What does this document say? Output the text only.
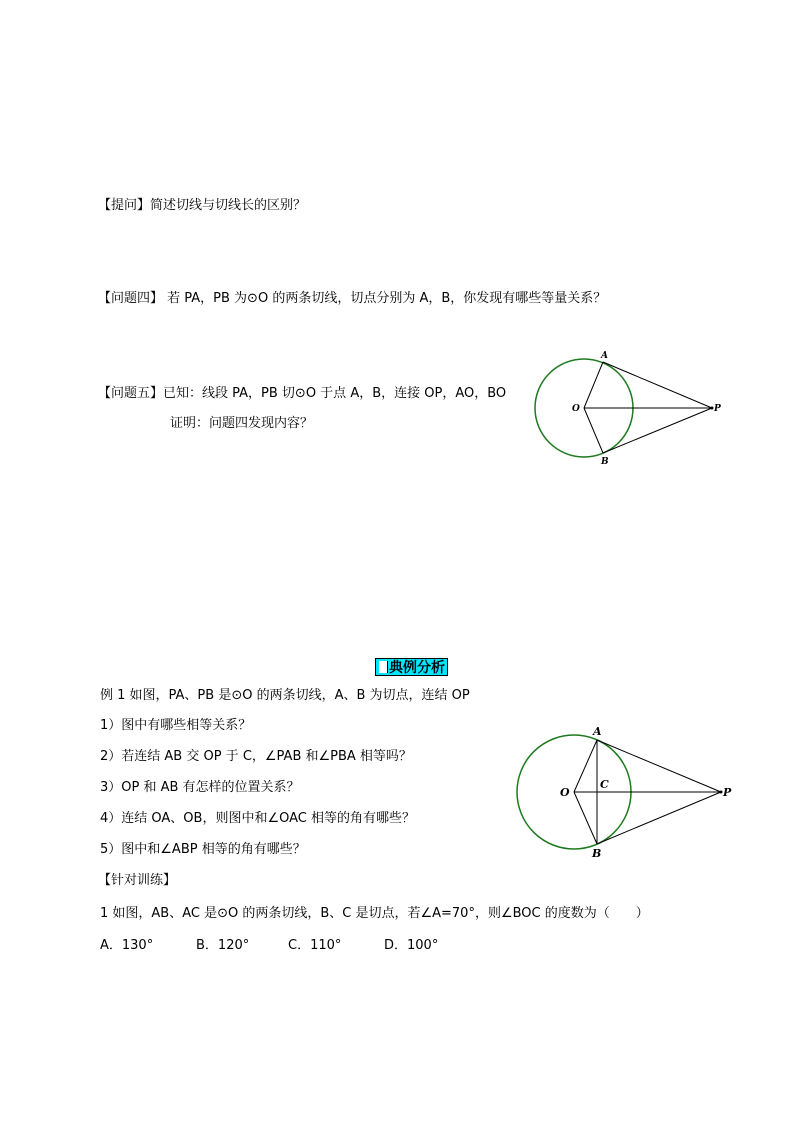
【提问】简述切线与切线长的区别？
【问题四】 若 PA，PB 为⊙O 的两条切线，切点分别为 A，B，你发现有哪些等量关系？
【问题五】已知：线段 PA，PB 切⊙O 于点 A，B，连接 OP，AO，BO
证明：问题四发现内容？
A
B
O	P
典例分析
例 1 如图，PA、PB 是⊙O 的两条切线，A、B 为切点，连结 OP
1）图中有哪些相等关系？
2）若连结 AB 交 OP 于 C，∠PAB 和∠PBA 相等吗？
3）OP 和 AB 有怎样的位置关系？
4）连结 OA、OB，则图中和∠OAC 相等的角有哪些？
5）图中和∠ABP 相等的角有哪些？
A
B
C
O	P
【针对训练】
1 如图，AB、AC 是⊙O 的两条切线，B、C 是切点，若∠A=70°，则∠BOC 的度数为（　　）
A．130°	B．120°	C．110°	D．100°
